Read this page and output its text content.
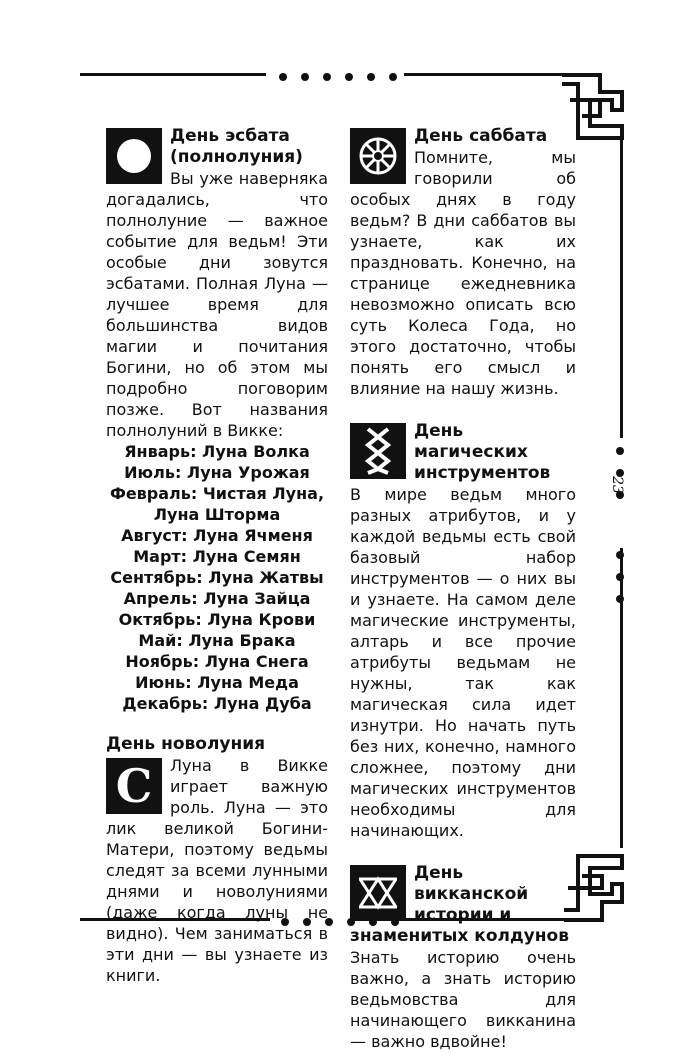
23
День эсбата (полнолуния)

Вы уже наверняка догадались, что полнолуние — важное событие для ведьм! Эти особые дни зовутся эсбатами. Полная Луна — лучшее время для большинства видов магии и почитания Богини, но об этом мы подробно поговорим позже. Вот названия полнолуний в Викке:

Январь: Луна Волка
Июль: Луна Урожая
Февраль: Чистая Луна,
Луна Шторма
Август: Луна Ячменя
Март: Луна Семян
Сентябрь: Луна Жатвы
Апрель: Луна Зайца
Октябрь: Луна Крови
Май: Луна Брака
Ноябрь: Луна Снега
Июнь: Луна Меда
Декабрь: Луна Дуба
День новолуния
C	Луна в Викке играет важную роль. Луна — это лик великой Богини-Матери, поэтому ведьмы следят за всеми лунными днями и новолуниями (даже когда луны не видно). Чем заниматься в эти дни — вы узнаете из книги.

День саббата

Помните, мы говорили об особых днях в году ведьм? В дни саббатов вы узнаете, как их праздновать. Конечно, на странице ежедневника невозможно описать всю суть Колеса Года, но этого достаточно, чтобы понять его смысл и влияние на нашу жизнь.

День магических инструментов

В мире ведьм много разных атрибутов, и у каждой ведьмы есть свой базовый набор инструментов — о них вы и узнаете. На самом деле магические инструменты, алтарь и все прочие атрибуты ведьмам не нужны, так как магическая сила идет изнутри. Но начать путь без них, конечно, намного сложнее, поэтому дни магических инструментов необходимы для начинающих.

День викканской истории и знаменитых колдунов

Знать историю очень важно, а знать историю ведьмовства для начинающего викканина — важно вдвойне!
